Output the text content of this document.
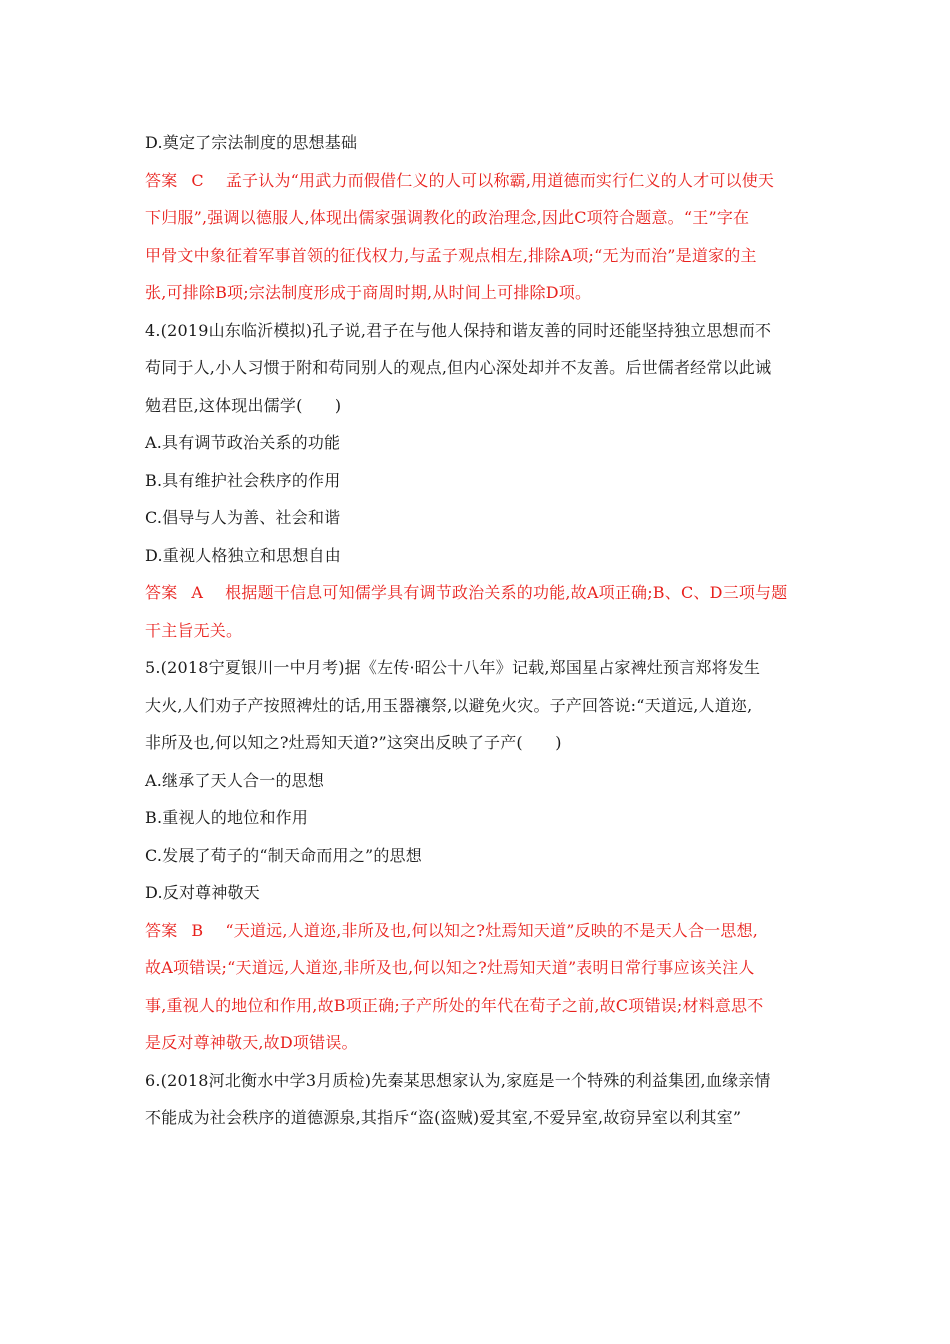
D.奠定了宗法制度的思想基础
答案 C 孟子认为“用武力而假借仁义的人可以称霸,用道德而实行仁义的人才可以使天
下归服”,强调以德服人,体现出儒家强调教化的政治理念,因此C项符合题意。“王”字在
甲骨文中象征着军事首领的征伐权力,与孟子观点相左,排除A项;“无为而治”是道家的主
张,可排除B项;宗法制度形成于商周时期,从时间上可排除D项。
4.(2019山东临沂模拟)孔子说,君子在与他人保持和谐友善的同时还能坚持独立思想而不
苟同于人,小人习惯于附和苟同别人的观点,但内心深处却并不友善。后世儒者经常以此诫
勉君臣,这体现出儒学(　　)
A.具有调节政治关系的功能
B.具有维护社会秩序的作用
C.倡导与人为善、社会和谐
D.重视人格独立和思想自由
答案 A 根据题干信息可知儒学具有调节政治关系的功能,故A项正确;B、C、D三项与题
干主旨无关。
5.(2018宁夏银川一中月考)据《左传·昭公十八年》记载,郑国星占家裨灶预言郑将发生
大火,人们劝子产按照裨灶的话,用玉器禳祭,以避免火灾。子产回答说:“天道远,人道迩,
非所及也,何以知之?灶焉知天道?”这突出反映了子产(　　)
A.继承了天人合一的思想
B.重视人的地位和作用
C.发展了荀子的“制天命而用之”的思想
D.反对尊神敬天
答案 B “天道远,人道迩,非所及也,何以知之?灶焉知天道”反映的不是天人合一思想,
故A项错误;“天道远,人道迩,非所及也,何以知之?灶焉知天道”表明日常行事应该关注人
事,重视人的地位和作用,故B项正确;子产所处的年代在荀子之前,故C项错误;材料意思不
是反对尊神敬天,故D项错误。
6.(2018河北衡水中学3月质检)先秦某思想家认为,家庭是一个特殊的利益集团,血缘亲情
不能成为社会秩序的道德源泉,其指斥“盗(盗贼)爱其室,不爱异室,故窃异室以利其室”
